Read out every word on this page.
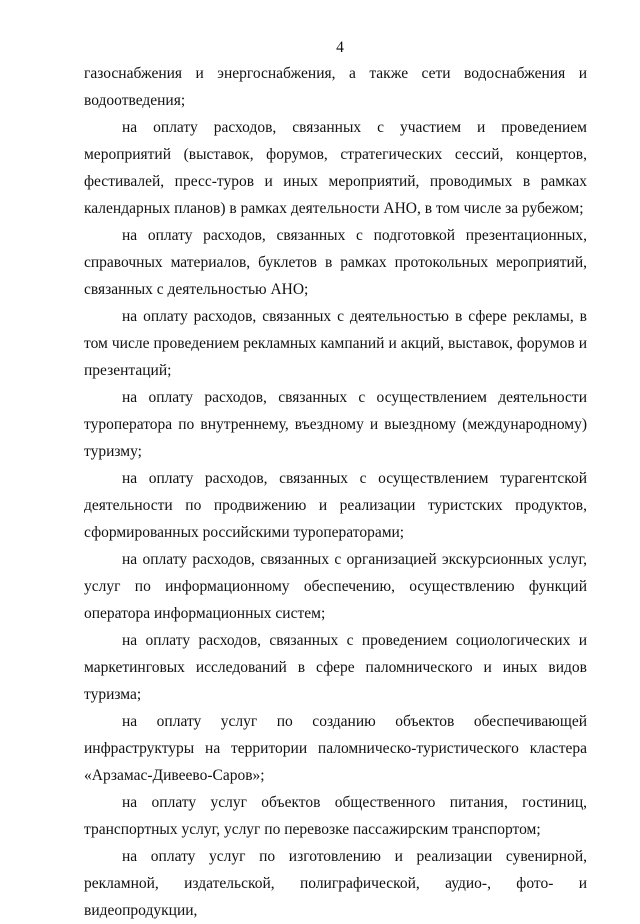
4

газоснабжения и энергоснабжения, а также сети водоснабжения и водоотведения;

на оплату расходов, связанных с участием и проведением мероприятий (выставок, форумов, стратегических сессий, концертов, фестивалей, пресс-туров и иных мероприятий, проводимых в рамках календарных планов) в рамках деятельности АНО, в том числе за рубежом;

на оплату расходов, связанных с подготовкой презентационных, справочных материалов, буклетов в рамках протокольных мероприятий, связанных с деятельностью АНО;

на оплату расходов, связанных с деятельностью в сфере рекламы, в том числе проведением рекламных кампаний и акций, выставок, форумов и презентаций;

на оплату расходов, связанных с осуществлением деятельности туроператора по внутреннему, въездному и выездному (международному) туризму;

на оплату расходов, связанных с осуществлением турагентской деятельности по продвижению и реализации туристских продуктов, сформированных российскими туроператорами;

на оплату расходов, связанных с организацией экскурсионных услуг, услуг по информационному обеспечению, осуществлению функций оператора информационных систем;

на оплату расходов, связанных с проведением социологических и маркетинговых исследований в сфере паломнического и иных видов туризма;

на оплату услуг по созданию объектов обеспечивающей инфраструктуры на территории паломническо-туристического кластера «Арзамас-Дивеево-Саров»;

на оплату услуг объектов общественного питания, гостиниц, транспортных услуг, услуг по перевозке пассажирским транспортом;

на оплату услуг по изготовлению и реализации сувенирной, рекламной, издательской, полиграфической, аудио-, фото- и видеопродукции,
